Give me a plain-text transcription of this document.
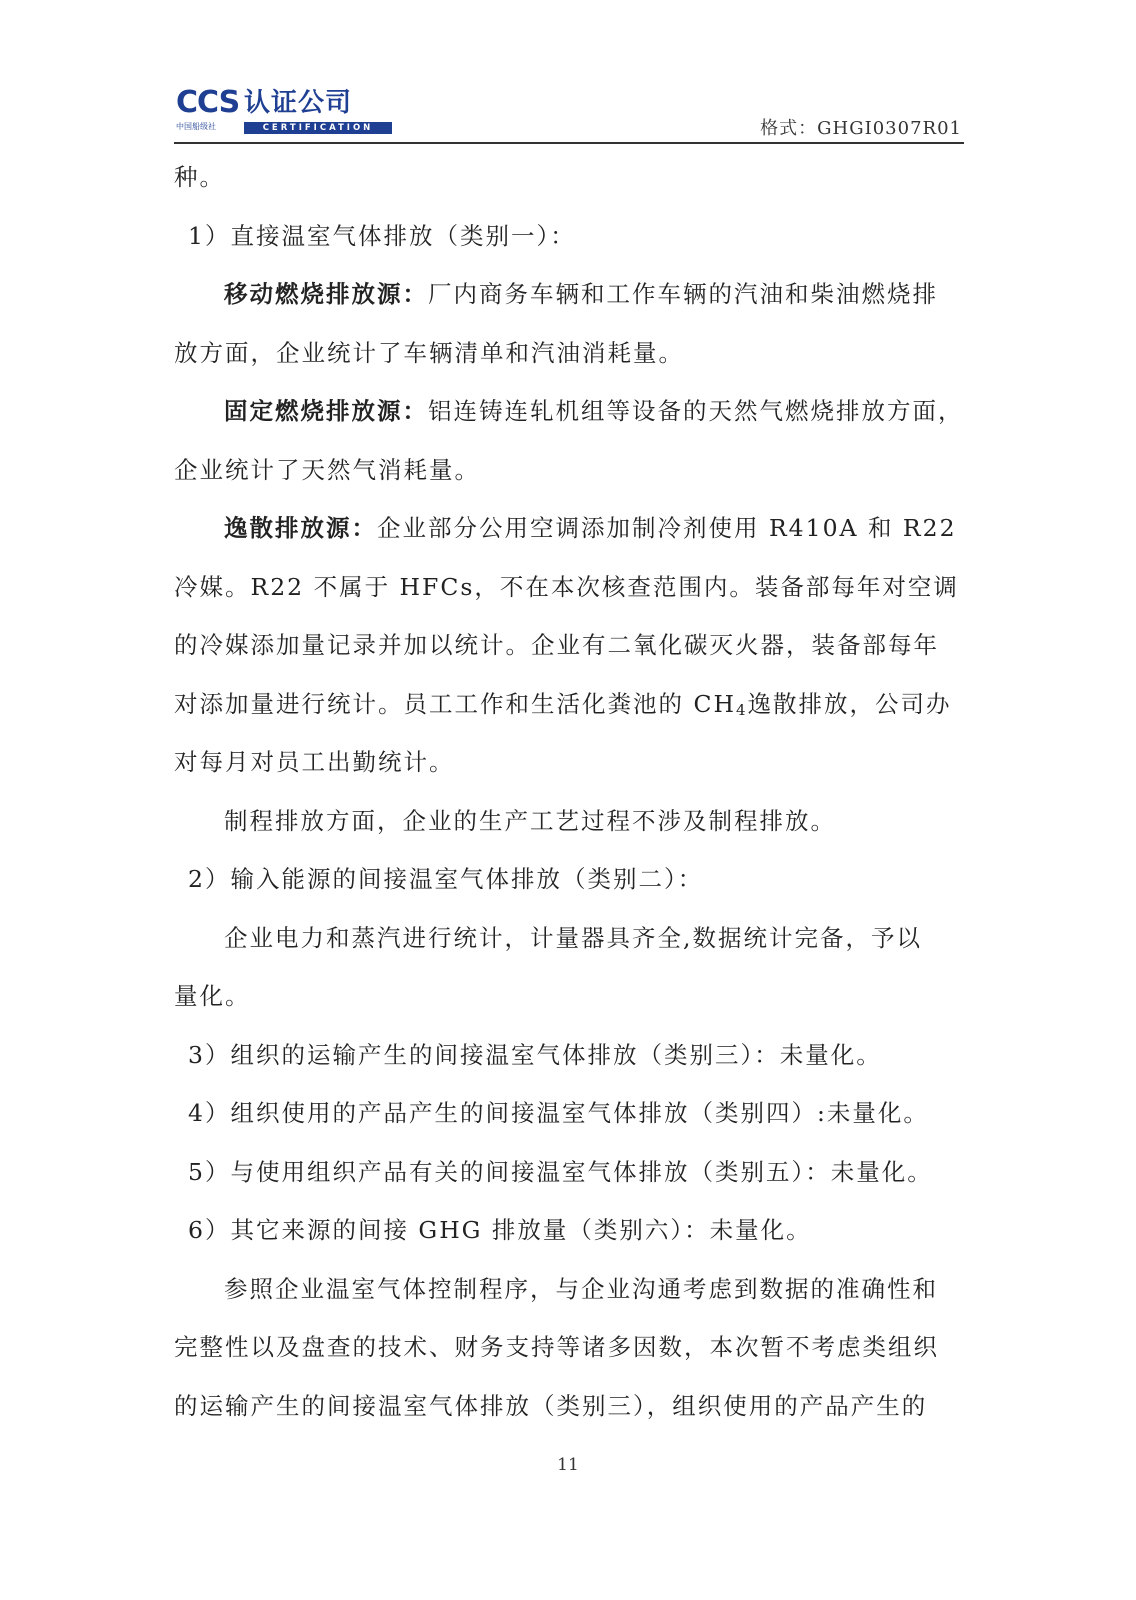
CCS 认证公司
中国船级社	CERTIFICATION	格式：GHGI0307R01
种。
1）直接温室气体排放（类别一）：
移动燃烧排放源：厂内商务车辆和工作车辆的汽油和柴油燃烧排
放方面，企业统计了车辆清单和汽油消耗量。
固定燃烧排放源：铝连铸连轧机组等设备的天然气燃烧排放方面，
企业统计了天然气消耗量。
逸散排放源：企业部分公用空调添加制冷剂使用 R410A 和 R22
冷媒。R22 不属于 HFCs，不在本次核查范围内。装备部每年对空调
的冷媒添加量记录并加以统计。企业有二氧化碳灭火器，装备部每年
对添加量进行统计。员工工作和生活化粪池的 $CH_4$逸散排放，公司办
对每月对员工出勤统计。
制程排放方面，企业的生产工艺过程不涉及制程排放。
2）输入能源的间接温室气体排放（类别二）：
企业电力和蒸汽进行统计，计量器具齐全,数据统计完备，予以
量化。
3）组织的运输产生的间接温室气体排放（类别三）：未量化。
4）组织使用的产品产生的间接温室气体排放（类别四）:未量化。
5）与使用组织产品有关的间接温室气体排放（类别五）：未量化。
6）其它来源的间接 GHG 排放量（类别六）：未量化。
参照企业温室气体控制程序，与企业沟通考虑到数据的准确性和
完整性以及盘查的技术、财务支持等诸多因数，本次暂不考虑类组织
的运输产生的间接温室气体排放（类别三），组织使用的产品产生的
11
